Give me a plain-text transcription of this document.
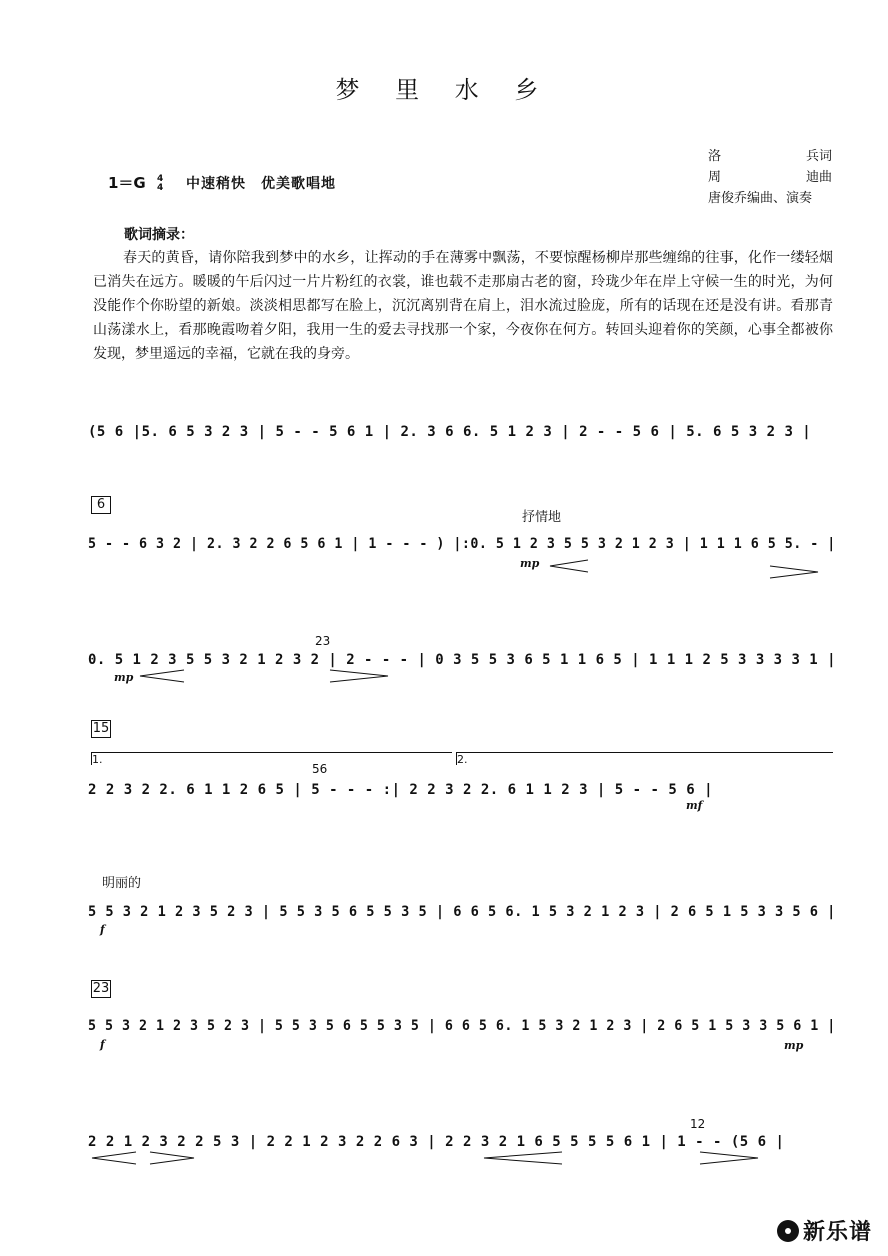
梦 里 水 乡
1＝G 4
4	中速稍快　优美歌唱地
洛	兵词
周	迪曲
唐俊乔编曲、演奏
歌词摘录：
春天的黄昏，请你陪我到梦中的水乡，让挥动的手在薄雾中飘荡，不要惊醒杨柳岸那些缠绵的往事，化作一缕轻烟已消失在远方。暖暖的午后闪过一片片粉红的衣裳，谁也载不走那扇古老的窗，玲珑少年在岸上守候一生的时光，为何没能作个你盼望的新娘。淡淡相思都写在脸上，沉沉离别背在肩上，泪水流过脸庞，所有的话现在还是没有讲。看那青山荡漾水上，看那晚霞吻着夕阳，我用一生的爱去寻找那一个家，今夜你在何方。转回头迎着你的笑颜，心事全都被你发现，梦里遥远的幸福，它就在我的身旁。
(5 6 |5. 6 5 3 2 3 | 5 - - 5 6 1 | 2. 3 6 6. 5 1 2 3 | 2 - - 5 6 | 5. 6 5 3 2 3 |
6
抒情地
5 - - 6 3 2 | 2. 3 2 2 6 5 6 1 | 1 - - - ) |:0. 5 1 2 3 5 5 3 2 1 2 3 | 1 1 1 6 5 5. - |
mp
23
0. 5 1 2 3 5 5 3 2 1 2 3 2 | 2 - - - | 0 3 5 5 3 6 5 1 1 6 5 | 1 1 1 2 5 3 3 3 3 1 |
mp
15
1.	2.
56
2 2 3 2 2. 6 1 1 2 6 5 | 5 - - - :| 2 2 3 2 2. 6 1 1 2 3 | 5 - - 5 6 |
mf
明丽的
5 5 3 2 1 2 3 5 2 3 | 5 5 3 5 6 5 5 3 5 | 6 6 5 6. 1 5 3 2 1 2 3 | 2 6 5 1 5 3 3 5 6 |
f
23
5 5 3 2 1 2 3 5 2 3 | 5 5 3 5 6 5 5 3 5 | 6 6 5 6. 1 5 3 2 1 2 3 | 2 6 5 1 5 3 3 5 6 1 |
f	mp
12
2 2 1 2 3 2 2 5 3 | 2 2 1 2 3 2 2 6 3 | 2 2 3 2 1 6 5 5 5 5 6 1 | 1 - - (5 6 |
新乐谱
